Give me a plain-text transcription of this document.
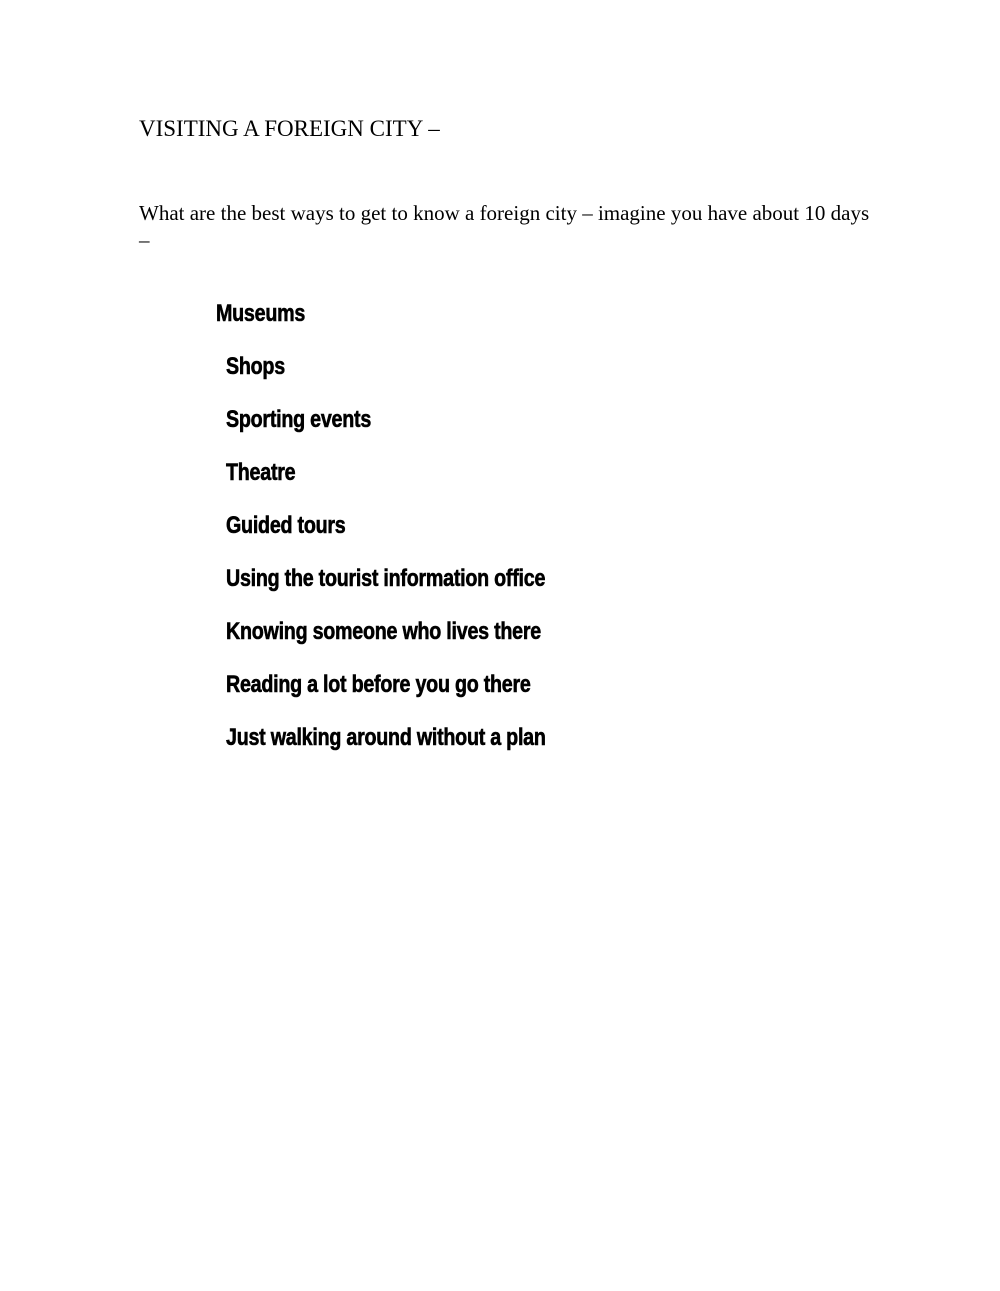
VISITING A FOREIGN CITY –

What are the best ways to get to know a foreign city – imagine you have about 10 days –

Museums
Shops
Sporting events
Theatre
Guided tours
Using the tourist information office
Knowing someone who lives there
Reading a lot before you go there
Just walking around without a plan
